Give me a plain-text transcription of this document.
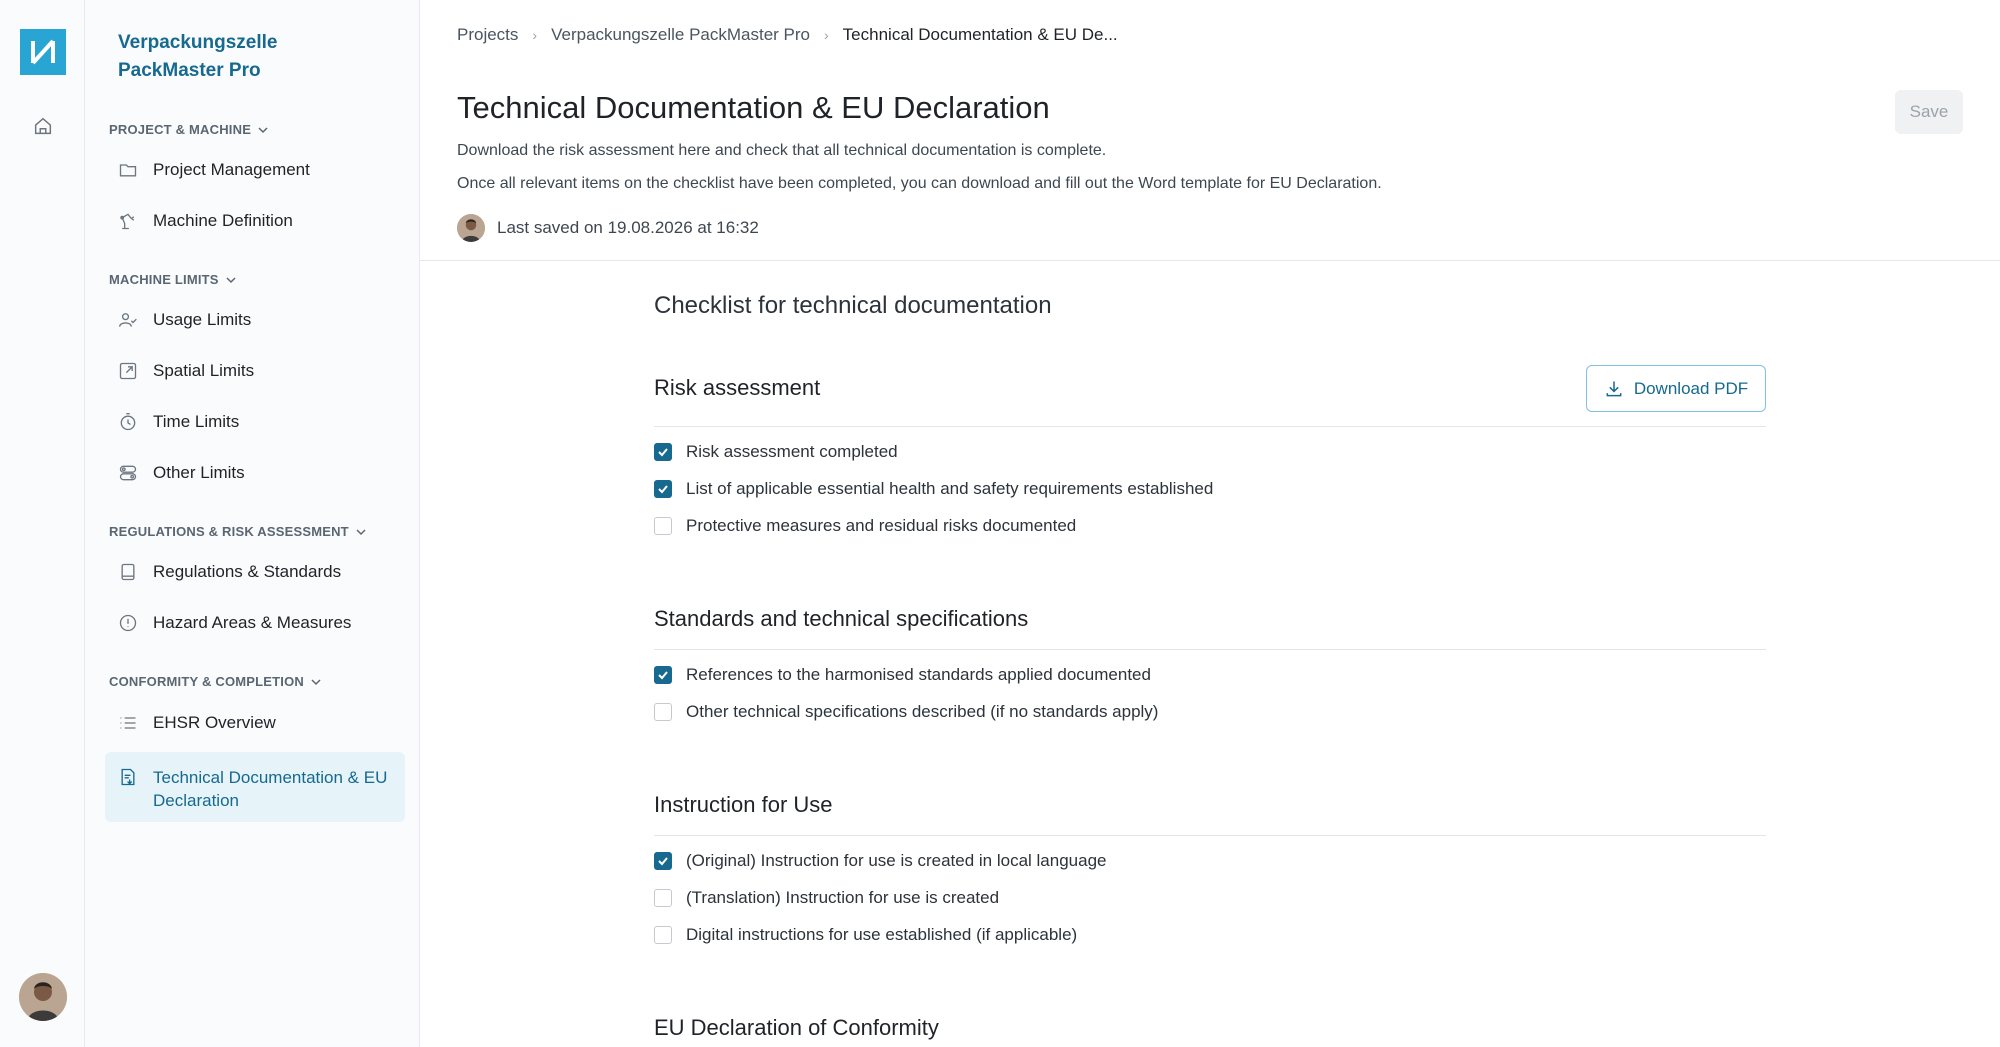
Verpackungszelle PackMaster Pro
PROJECT & MACHINE
Project Management
Machine Definition
MACHINE LIMITS
Usage Limits
Spatial Limits
Time Limits
Other Limits
REGULATIONS & RISK ASSESSMENT
Regulations & Standards
Hazard Areas & Measures
CONFORMITY & COMPLETION
EHSR Overview
Technical Documentation & EU Declaration
Projects › Verpackungszelle PackMaster Pro › Technical Documentation & EU De...
Technical Documentation & EU Declaration	Save
Download the risk assessment here and check that all technical documentation is complete.
Once all relevant items on the checklist have been completed, you can download and fill out the Word template for EU Declaration.
Last saved on 19.08.2026 at 16:32
Checklist for technical documentation
Risk assessment	Download PDF
Risk assessment completed
List of applicable essential health and safety requirements established
Protective measures and residual risks documented
Standards and technical specifications
References to the harmonised standards applied documented
Other technical specifications described (if no standards apply)
Instruction for Use
(Original) Instruction for use is created in local language
(Translation) Instruction for use is created
Digital instructions for use established (if applicable)
EU Declaration of Conformity
